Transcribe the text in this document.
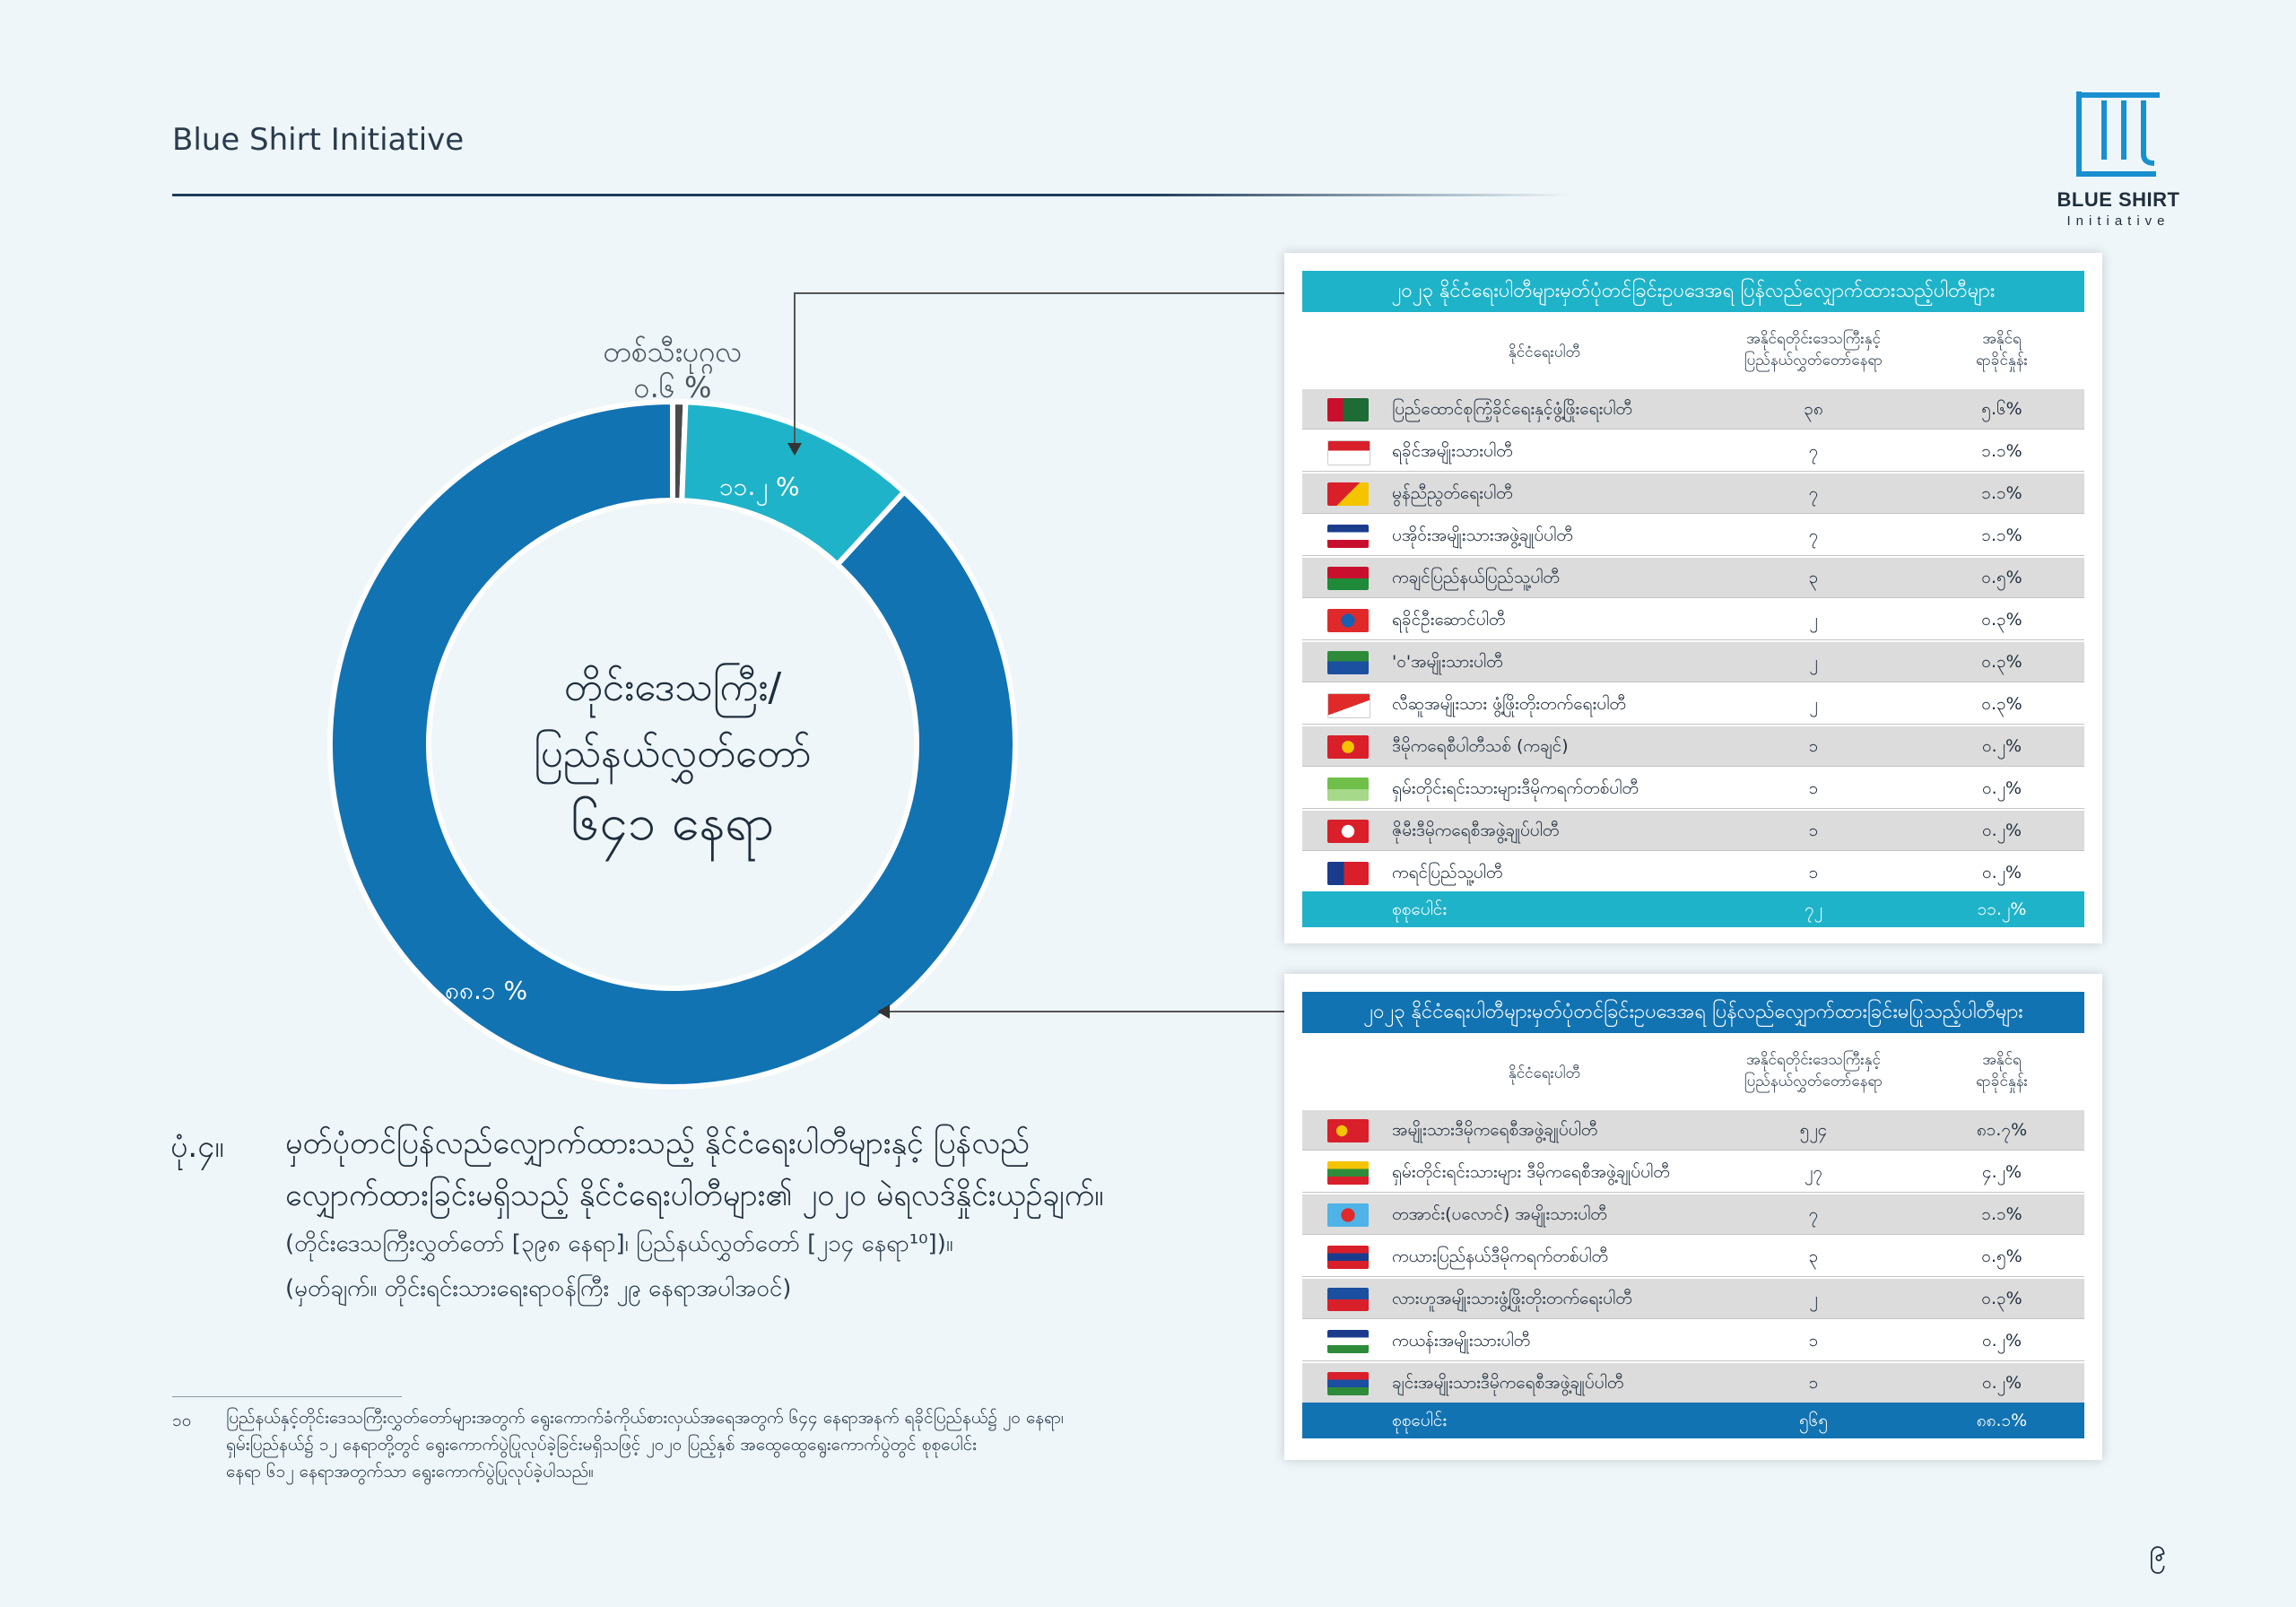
Blue Shirt Initiative
BLUE SHIRT
Initiative
တစ်သီးပုဂ္ဂလ
၀.၆ %
၁၁.၂ %
၈၈.၁ %
တိုင်းဒေသကြီး/
ပြည်နယ်လွှတ်တော်
၆၄၁ နေရာ
၂၀၂၃ နိုင်ငံရေးပါတီများမှတ်ပုံတင်ခြင်းဥပဒေအရ ပြန်လည်လျှောက်ထားသည့်ပါတီများ
နိုင်ငံရေးပါတီ
အနိုင်ရတိုင်းဒေသကြီးနှင့်
ပြည်နယ်လွှတ်တော်နေရာ
အနိုင်ရ
ရာခိုင်နှုန်း
ပြည်ထောင်စုကြံ့ခိုင်ရေးနှင့်ဖွံ့ဖြိုးရေးပါတီ	၃၈	၅.၆%
ရခိုင်အမျိုးသားပါတီ	၇	၁.၁%
မွန်ညီညွတ်ရေးပါတီ	၇	၁.၁%
ပအိုဝ်းအမျိုးသားအဖွဲ့ချုပ်ပါတီ	၇	၁.၁%
ကချင်ပြည်နယ်ပြည်သူ့ပါတီ	၃	၀.၅%
ရခိုင်ဦးဆောင်ပါတီ	၂	၀.၃%
'ဝ'အမျိုးသားပါတီ	၂	၀.၃%
လီဆူအမျိုးသား ဖွံ့ဖြိုးတိုးတက်ရေးပါတီ	၂	၀.၃%
ဒီမိုကရေစီပါတီသစ် (ကချင်)	၁	၀.၂%
ရှမ်းတိုင်းရင်းသားများဒီမိုကရက်တစ်ပါတီ	၁	၀.၂%
ဇိုမီးဒီမိုကရေစီအဖွဲ့ချုပ်ပါတီ	၁	၀.၂%
ကရင်ပြည်သူ့ပါတီ	၁	၀.၂%
စုစုပေါင်း	၇၂	၁၁.၂%
၂၀၂၃ နိုင်ငံရေးပါတီများမှတ်ပုံတင်ခြင်းဥပဒေအရ ပြန်လည်လျှောက်ထားခြင်းမပြုသည့်ပါတီများ
နိုင်ငံရေးပါတီ
အနိုင်ရတိုင်းဒေသကြီးနှင့်
ပြည်နယ်လွှတ်တော်နေရာ
အနိုင်ရ
ရာခိုင်နှုန်း
အမျိုးသားဒီမိုကရေစီအဖွဲ့ချုပ်ပါတီ	၅၂၄	၈၁.၇%
ရှမ်းတိုင်းရင်းသားများ ဒီမိုကရေစီအဖွဲ့ချုပ်ပါတီ	၂၇	၄.၂%
တအာင်း(ပလောင်) အမျိုးသားပါတီ	၇	၁.၁%
ကယားပြည်နယ်ဒီမိုကရက်တစ်ပါတီ	၃	၀.၅%
လားဟူအမျိုးသားဖွံ့ဖြိုးတိုးတက်ရေးပါတီ	၂	၀.၃%
ကယန်းအမျိုးသားပါတီ	၁	၀.၂%
ချင်းအမျိုးသားဒီမိုကရေစီအဖွဲ့ချုပ်ပါတီ	၁	၀.၂%
စုစုပေါင်း	၅၆၅	၈၈.၁%
ပုံ.၄။ မှတ်ပုံတင်ပြန်လည်လျှောက်ထားသည့် နိုင်ငံရေးပါတီများနှင့် ပြန်လည်
လျှောက်ထားခြင်းမရှိသည့် နိုင်ငံရေးပါတီများ၏ ၂၀၂၀ မဲရလဒ်နှိုင်းယှဉ်ချက်။
(တိုင်းဒေသကြီးလွှတ်တော် [၃၉၈ နေရာ]၊ ပြည်နယ်လွှတ်တော် [၂၁၄ နေရာ¹⁰])။
(မှတ်ချက်။ တိုင်းရင်းသားရေးရာဝန်ကြီး ၂၉ နေရာအပါအဝင်)
၁၀ ပြည်နယ်နှင့်တိုင်းဒေသကြီးလွှတ်တော်များအတွက် ရွေးကောက်ခံကိုယ်စားလှယ်အရေအတွက် ၆၄၄ နေရာအနက် ရခိုင်ပြည်နယ်၌ ၂၀ နေရာ၊
ရှမ်းပြည်နယ်၌ ၁၂ နေရာတို့တွင် ရွေးကောက်ပွဲပြုလုပ်ခဲ့ခြင်းမရှိသဖြင့် ၂၀၂၀ ပြည့်နှစ် အထွေထွေရွေးကောက်ပွဲတွင် စုစုပေါင်း
နေရာ ၆၁၂ နေရာအတွက်သာ ရွေးကောက်ပွဲပြုလုပ်ခဲ့ပါသည်။
၉
